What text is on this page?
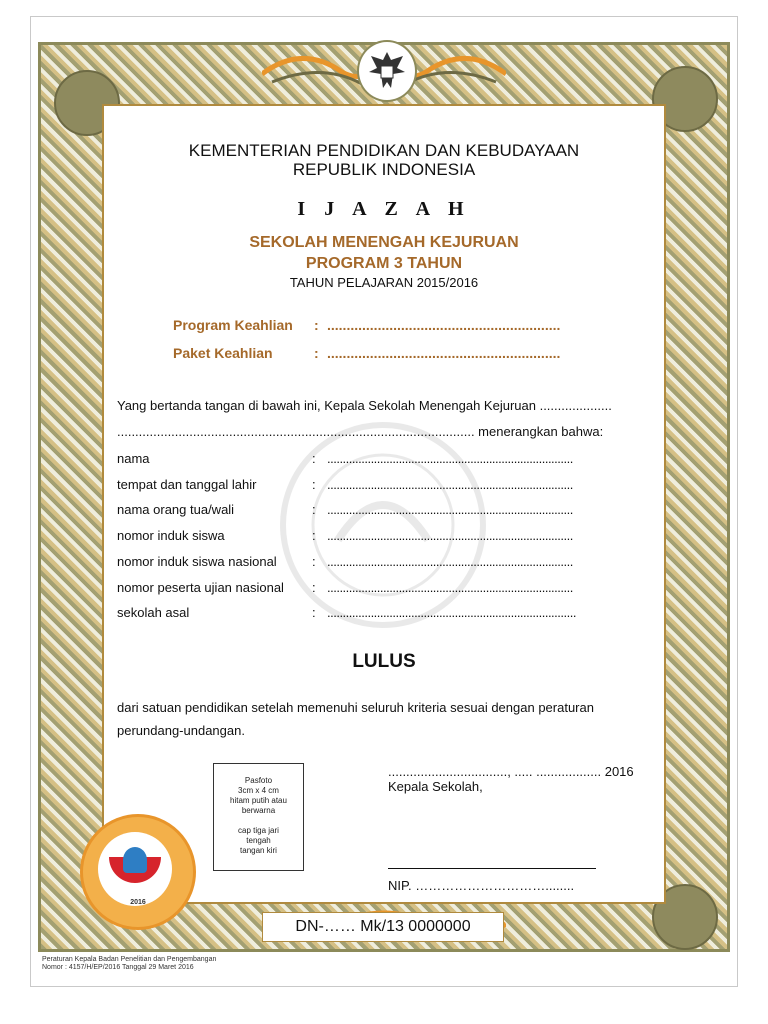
KEMENTERIAN PENDIDIKAN DAN KEBUDAYAAN
REPUBLIK INDONESIA
I J A Z A H
SEKOLAH MENENGAH KEJURUAN
PROGRAM 3 TAHUN
TAHUN PELAJARAN 2015/2016
Program Keahlian : ............................................................
Paket Keahlian	: ............................................................
Yang bertanda tangan di bawah ini, Kepala Sekolah Menengah Kejuruan ....................
................................................................................................... menerangkan bahwa:
nama	: ...............................................................................
tempat dan tanggal lahir	: ...............................................................................
nama orang tua/wali	: ...............................................................................
nomor induk siswa	: ...............................................................................
nomor induk siswa nasional	: ...............................................................................
nomor peserta ujian nasional : ...............................................................................
sekolah asal	: ................................................................................
LULUS
dari satuan pendidikan setelah memenuhi seluruh kriteria sesuai dengan peraturan
perundang-undangan.
Pasfoto
3cm x 4 cm
hitam putih atau
berwarna
cap tiga jari
tengah
tangan kiri
2016
................................., ..... .................. 2016
Kepala Sekolah,
NIP. …………………………........
DN-…… Mk/13 0000000
Peraturan Kepala Badan Penelitian dan Pengembangan
Nomor : 4157/H/EP/2016 Tanggal 29 Maret 2016
